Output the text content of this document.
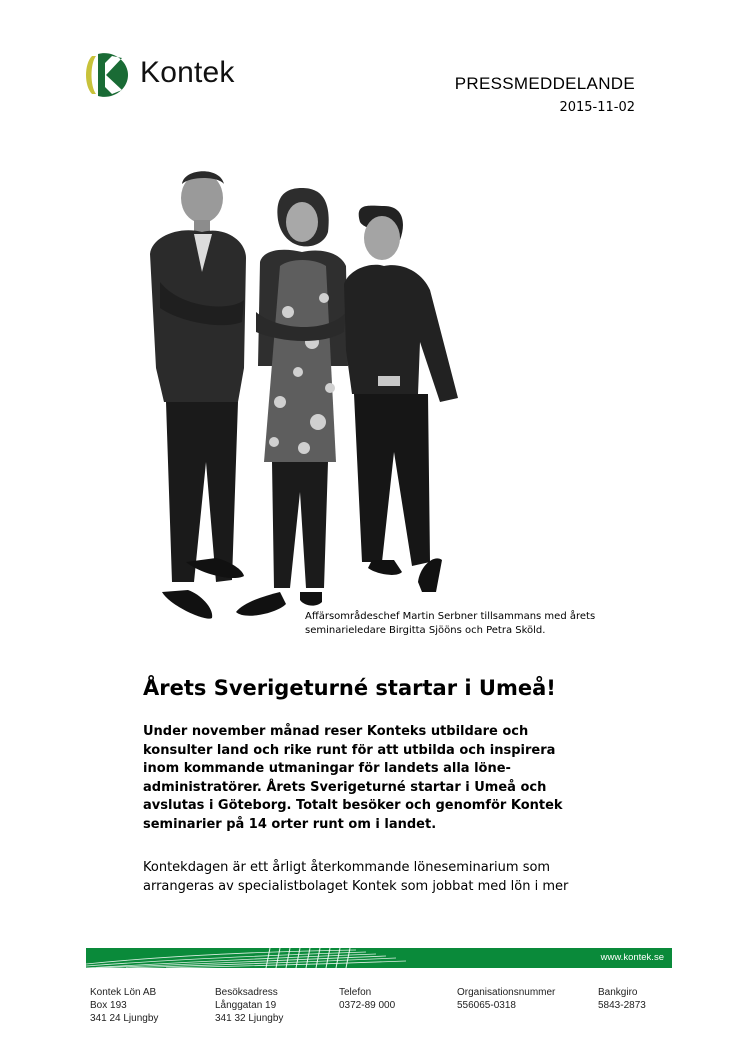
Kontek	PRESSMEDDELANDE
2015-11-02
Affärsområdeschef Martin Serbner tillsammans med årets
seminarieledare Birgitta Sjööns och Petra Sköld.
Årets Sverigeturné startar i Umeå!
Under november månad reser Konteks utbildare och
konsulter land och rike runt för att utbilda och inspirera
inom kommande utmaningar för landets alla löne-
administratörer. Årets Sverigeturné startar i Umeå och
avslutas i Göteborg. Totalt besöker och genomför Kontek
seminarier på 14 orter runt om i landet.
Kontekdagen är ett årligt återkommande löneseminarium som
arrangeras av specialistbolaget Kontek som jobbat med lön i mer
www.kontek.se
Kontek Lön AB
Box 193
341 24 Ljungby
Besöksadress
Långgatan 19
341 32 Ljungby
Telefon
0372-89 000
Organisationsnummer
556065-0318
Bankgiro
5843-2873
